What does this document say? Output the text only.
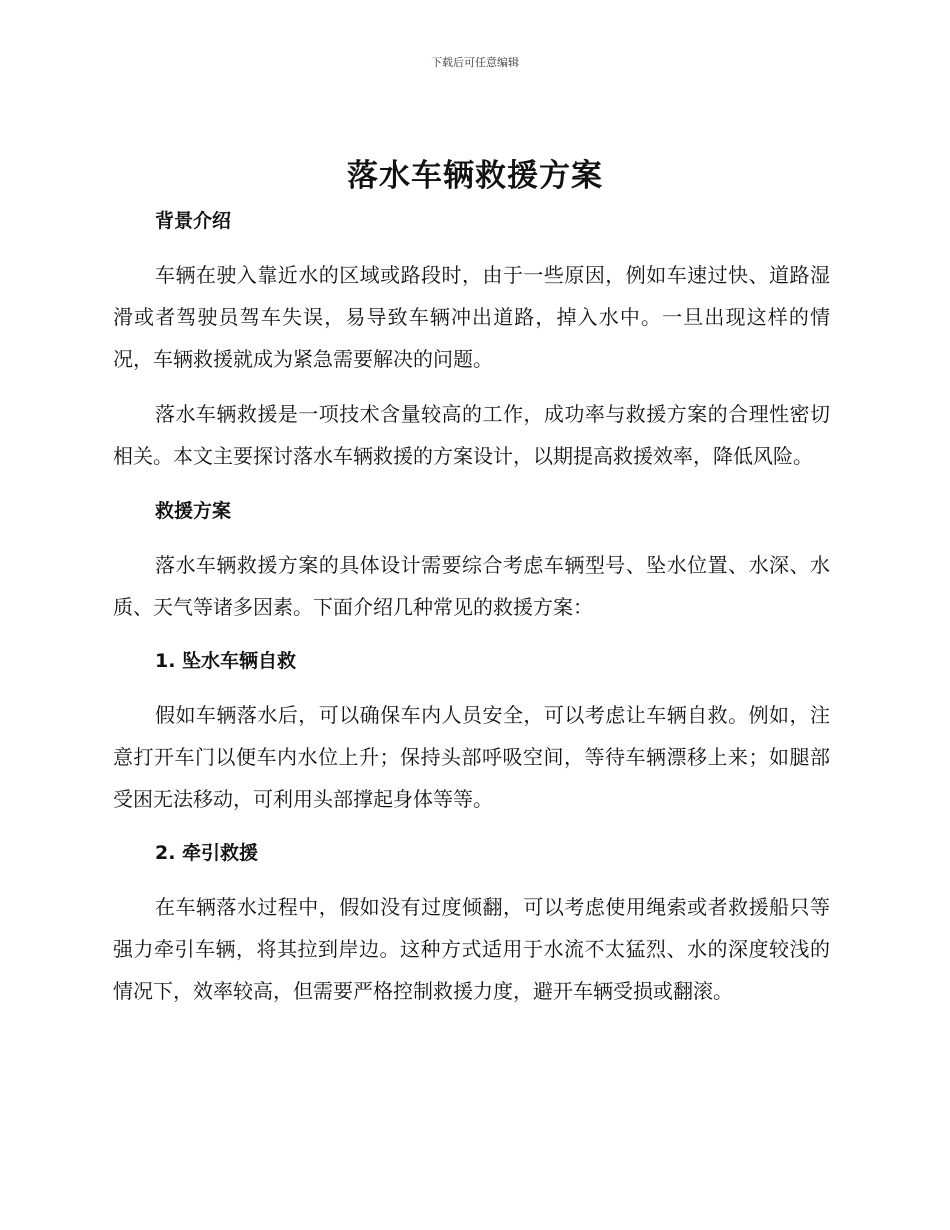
下载后可任意编辑
落水车辆救援方案

背景介绍

车辆在驶入靠近水的区域或路段时，由于一些原因，例如车速过快、道路湿滑或者驾驶员驾车失误，易导致车辆冲出道路，掉入水中。一旦出现这样的情况，车辆救援就成为紧急需要解决的问题。

落水车辆救援是一项技术含量较高的工作，成功率与救援方案的合理性密切相关。本文主要探讨落水车辆救援的方案设计，以期提高救援效率，降低风险。

救援方案

落水车辆救援方案的具体设计需要综合考虑车辆型号、坠水位置、水深、水质、天气等诸多因素。下面介绍几种常见的救援方案：

1. 坠水车辆自救

假如车辆落水后，可以确保车内人员安全，可以考虑让车辆自救。例如，注意打开车门以便车内水位上升；保持头部呼吸空间，等待车辆漂移上来；如腿部受困无法移动，可利用头部撑起身体等等。

2. 牵引救援

在车辆落水过程中，假如没有过度倾翻，可以考虑使用绳索或者救援船只等强力牵引车辆，将其拉到岸边。这种方式适用于水流不太猛烈、水的深度较浅的情况下，效率较高，但需要严格控制救援力度，避开车辆受损或翻滚。
